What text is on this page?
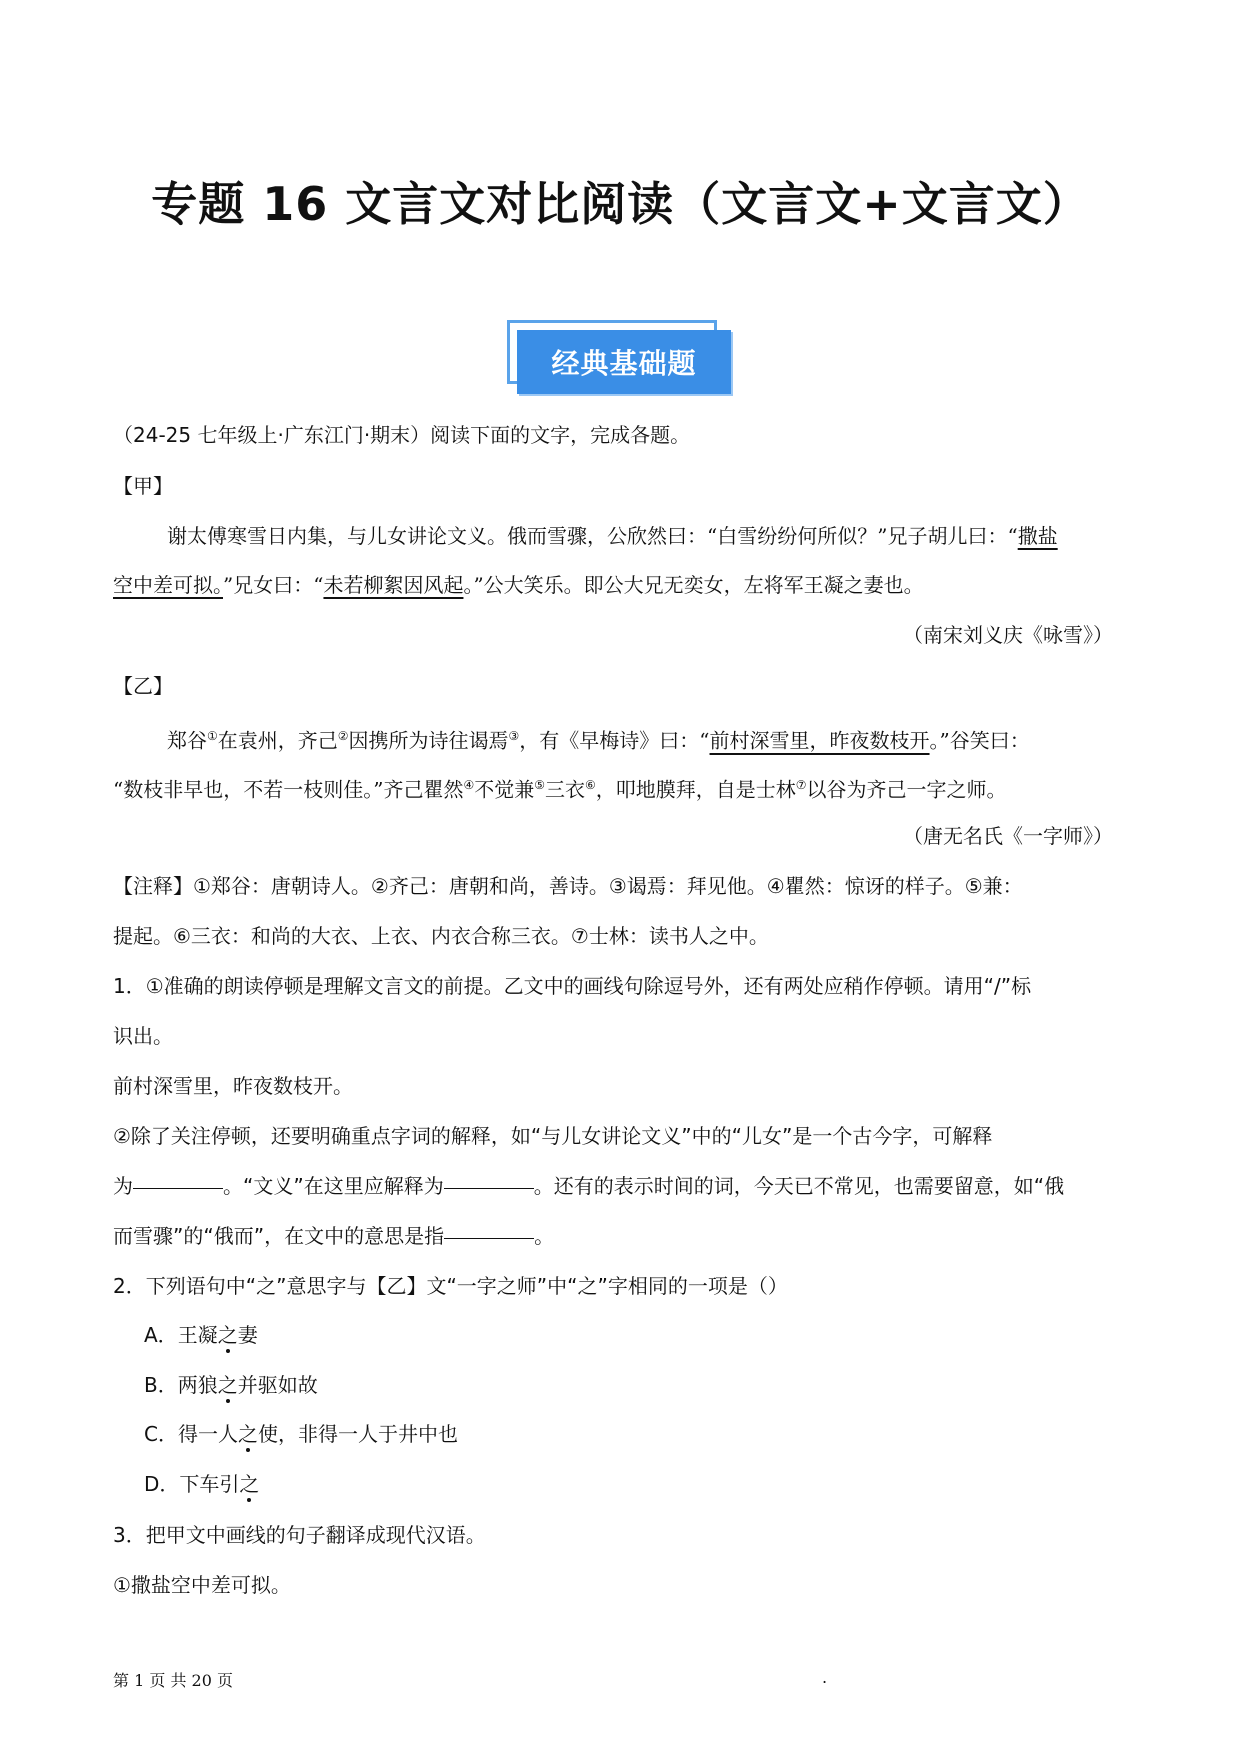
专题 16 文言文对比阅读（文言文+文言文）
经典基础题
（24-25 七年级上·广东江门·期末）阅读下面的文字，完成各题。
【甲】
谢太傅寒雪日内集，与儿女讲论文义。俄而雪骤，公欣然曰：“白雪纷纷何所似？”兄子胡儿曰：“撒盐
空中差可拟。”兄女曰：“未若柳絮因风起。”公大笑乐。即公大兄无奕女，左将军王凝之妻也。
（南宋刘义庆《咏雪》）
【乙】
郑谷①在袁州，齐己②因携所为诗往谒焉③，有《早梅诗》曰：“前村深雪里，昨夜数枝开。”谷笑曰：
“数枝非早也，不若一枝则佳。”齐己瞿然④不觉兼⑤三衣⑥，叩地膜拜，自是士林⑦以谷为齐己一字之师。
（唐无名氏《一字师》）
【注释】①郑谷：唐朝诗人。②齐己：唐朝和尚，善诗。③谒焉：拜见他。④瞿然：惊讶的样子。⑤兼：
提起。⑥三衣：和尚的大衣、上衣、内衣合称三衣。⑦士林：读书人之中。
1．①准确的朗读停顿是理解文言文的前提。乙文中的画线句除逗号外，还有两处应稍作停顿。请用“/”标
识出。
前村深雪里，昨夜数枝开。
②除了关注停顿，还要明确重点字词的解释，如“与儿女讲论文义”中的“儿女”是一个古今字，可解释
为	。“文义”在这里应解释为	。还有的表示时间的词，今天已不常见，也需要留意，如“俄
而雪骤”的“俄而”，在文中的意思是指	。
2．下列语句中“之”意思字与【乙】文“一字之师”中“之”字相同的一项是（）
A．王凝之妻
B．两狼之并驱如故
C．得一人之使，非得一人于井中也
D．下车引之
3．把甲文中画线的句子翻译成现代汉语。
①撒盐空中差可拟。
第 1 页 共 20 页	.
